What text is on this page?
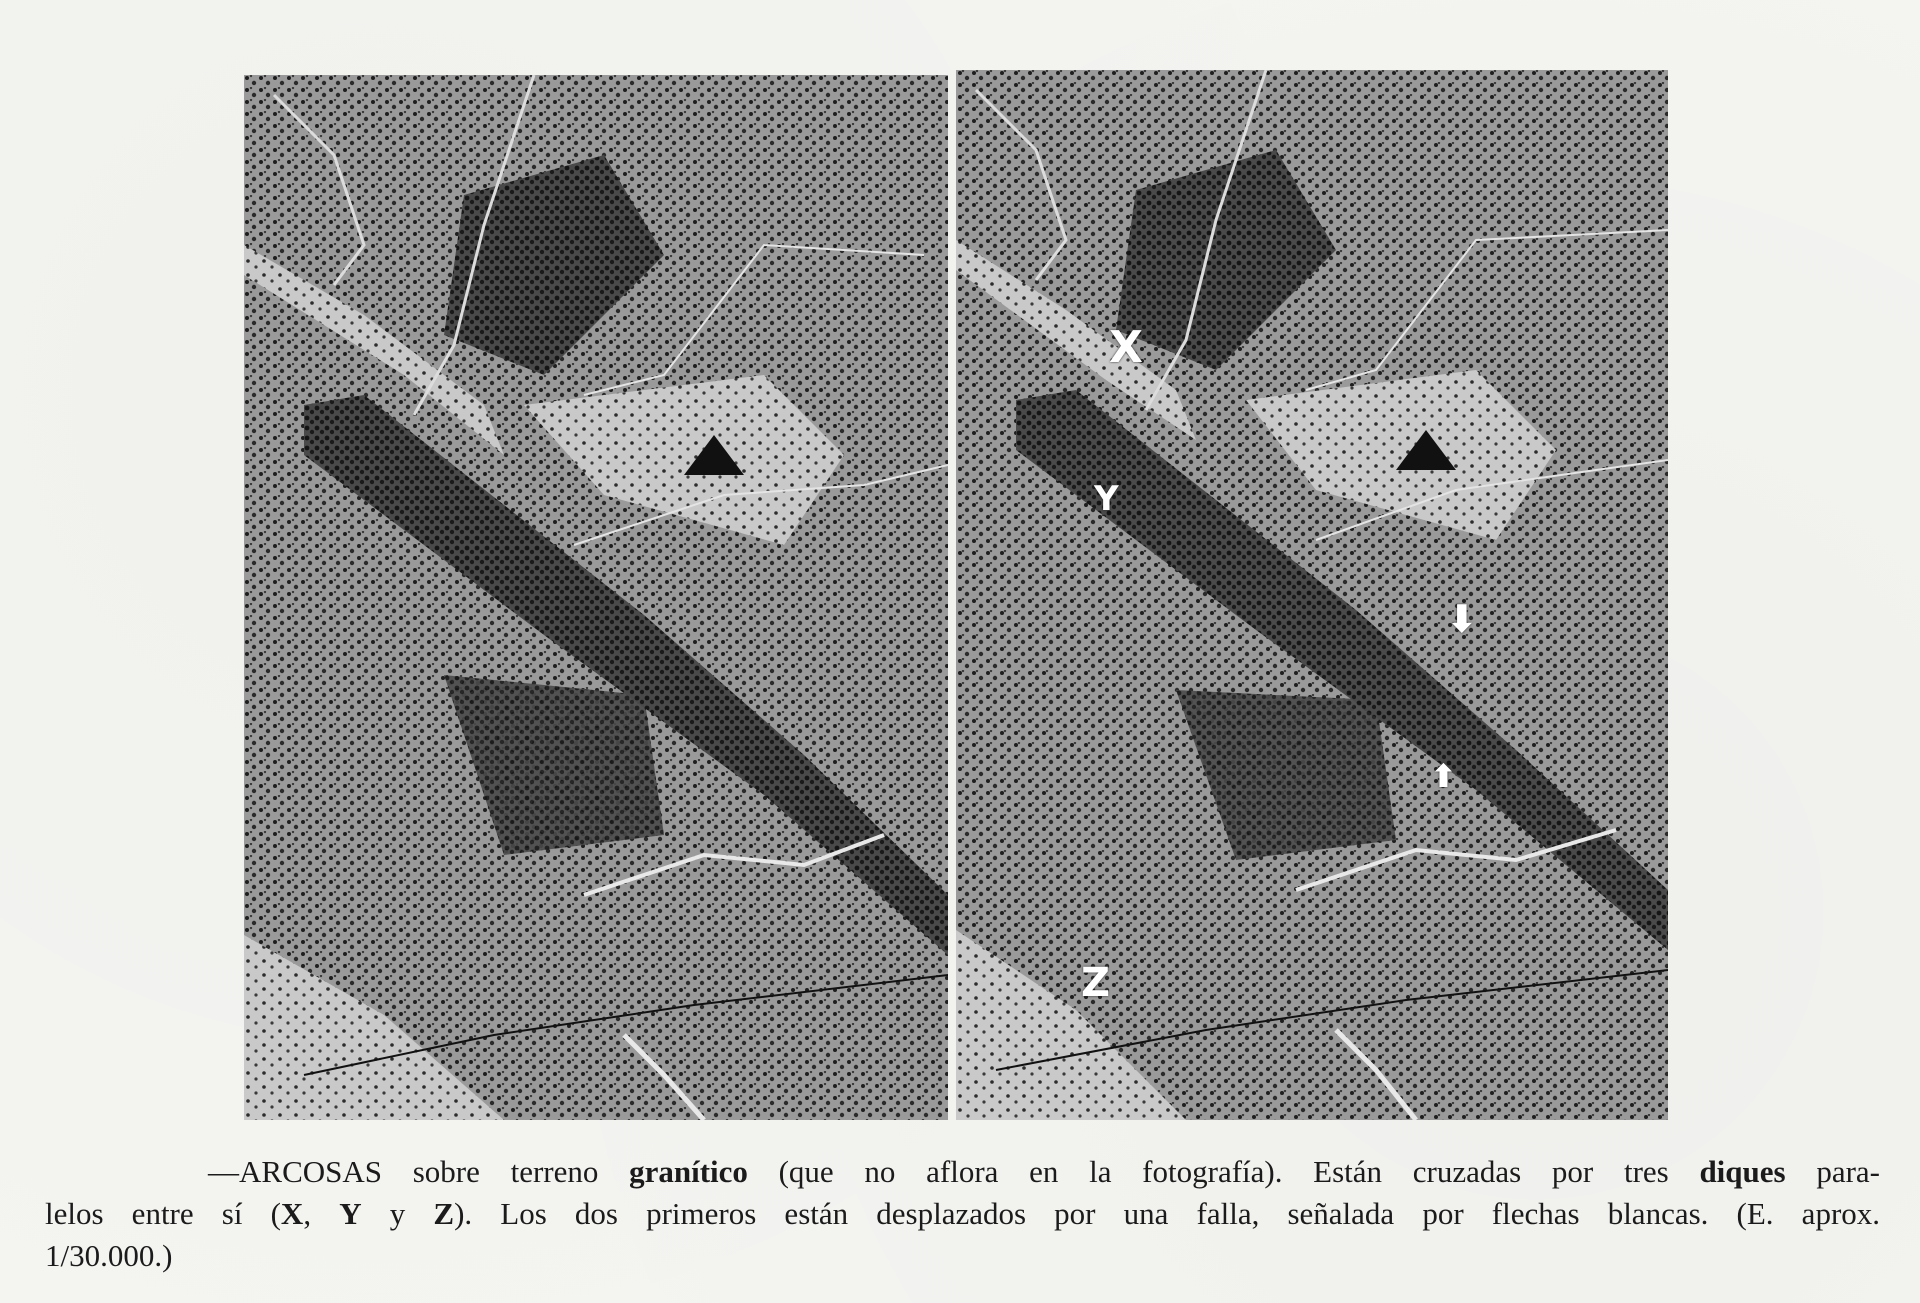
X
Y
Z
⬇
⬆
—ARCOSAS sobre terreno granítico (que no aflora en la fotografía). Están cruzadas por tres diques para-
lelos entre sí (X, Y y Z). Los dos primeros están desplazados por una falla, señalada por flechas blancas. (E. aprox.
1/30.000.)
